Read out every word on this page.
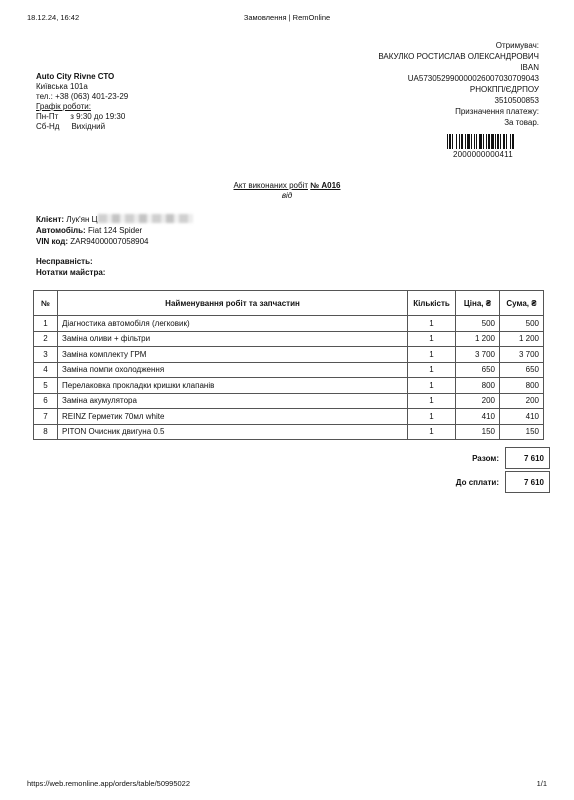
18.12.24, 16:42	Замовлення | RemOnline
Отримувач:
ВАКУЛКО РОСТИСЛАВ ОЛЕКСАНДРОВИЧ
IBAN
UA573052990000026007030709043
РНОКПП/ЄДРПОУ
3510500853
Призначення платежу:
За товар.
Auto City Rivne СТО
Київська 101а
тел.: +38 (063) 401-23-29
Графік роботи:
Пн-Пт з 9:30 до 19:30
Сб-Нд Вихідний
2000000000411
Акт виконаних робіт № A016
від
Клієнт: Лук'ян Ц
Автомобіль: Fiat 124 Spider
VIN код: ZAR94000007058904
Несправність:
Нотатки майстра:
№	Найменування робіт та запчастин	Кількість	Ціна, ₴	Сума, ₴
1	Діагностика автомобіля (легковик)	1	500	500
2	Заміна оливи + фільтри	1	1 200	1 200
3	Заміна комплекту ГРМ	1	3 700	3 700
4	Заміна помпи охолодження	1	650	650
5	Перелаковка прокладки кришки клапанів	1	800	800
6	Заміна акумулятора	1	200	200
7	REINZ Герметик 70мл white	1	410	410
8	PITON Очисник двигуна 0.5	1	150	150
Разом:	7 610
До сплати:	7 610
https://web.remonline.app/orders/table/50995022	1/1
